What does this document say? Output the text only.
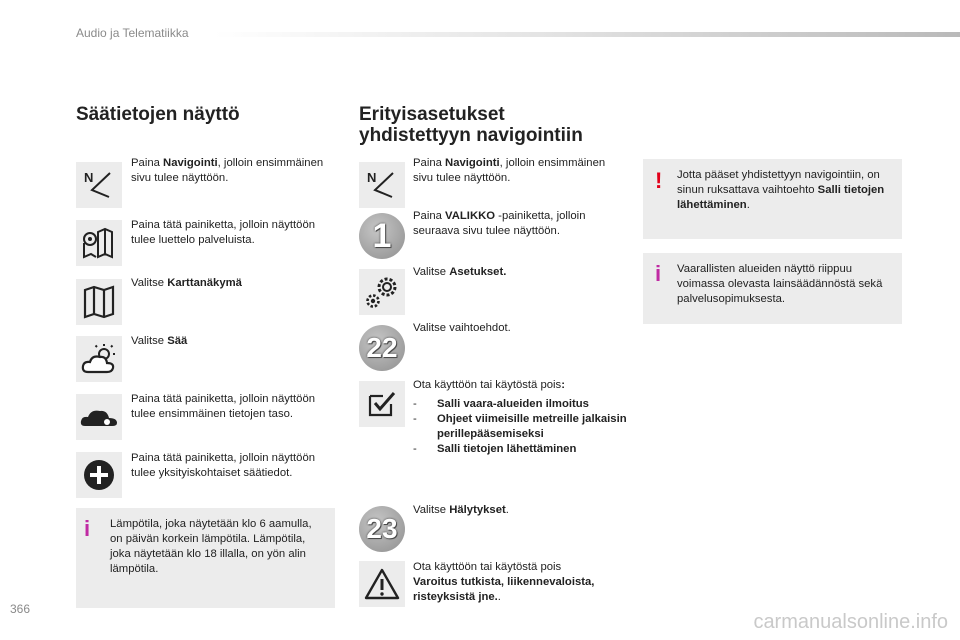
Audio ja Telematiikka
Säätietojen näyttö
N
Paina Navigointi, jolloin ensimmäinen sivu tulee näyttöön.
Paina tätä painiketta, jolloin näyttöön tulee luettelo palveluista.
Valitse Karttanäkymä
Valitse Sää
Paina tätä painiketta, jolloin näyttöön tulee ensimmäinen tietojen taso.
Paina tätä painiketta, jolloin näyttöön tulee yksityiskohtaiset säätiedot.
i Lämpötila, joka näytetään klo 6 aamulla, on päivän korkein lämpötila. Lämpötila, joka näytetään klo 18 illalla, on yön alin lämpötila.
Erityisasetukset
yhdistettyyn navigointiin
N
Paina Navigointi, jolloin ensimmäinen sivu tulee näyttöön.
1
Paina VALIKKO -painiketta, jolloin seuraava sivu tulee näyttöön.
Valitse Asetukset.
22
Valitse vaihtoehdot.
Ota käyttöön tai käytöstä pois:
- Salli vaara-alueiden ilmoitus
- Ohjeet viimeisille metreille jalkaisin perillepääsemiseksi
- Salli tietojen lähettäminen
23
Valitse Hälytykset.
Ota käyttöön tai käytöstä pois
Varoitus tutkista, liikennevaloista, risteyksistä jne..
! Jotta pääset yhdistettyyn navigointiin, on sinun ruksattava vaihtoehto Salli tietojen lähettäminen.
i Vaarallisten alueiden näyttö riippuu voimassa olevasta lainsäädännöstä sekä palvelusopimuksesta.
366
carmanualsonline.info
